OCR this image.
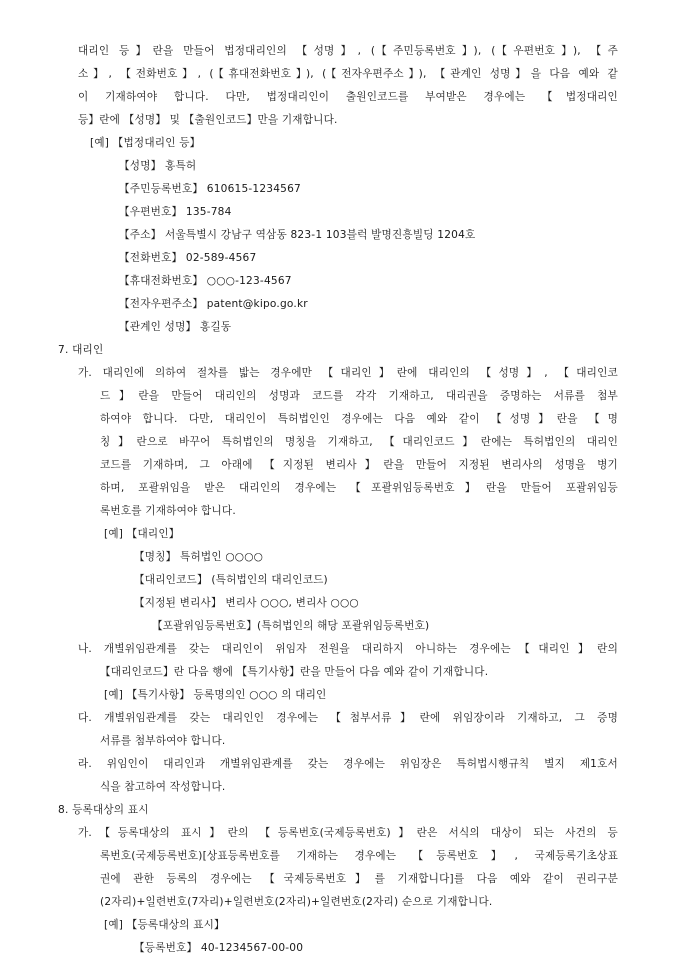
대리인 등】란을 만들어 법정대리인의 【성명】, (【주민등록번호】), (【우편번호】), 【주
소】, 【전화번호】, (【휴대전화번호】), (【전자우편주소】), 【관계인 성명】을 다음 예와 같
이 기재하여야 합니다. 다만, 법정대리인이 출원인코드를 부여받은 경우에는 【법정대리인
등】란에 【성명】 및 【출원인코드】만을 기재합니다.
[예] 【법정대리인 등】
【성명】 홍특허
【주민등록번호】 610615-1234567
【우편번호】 135-784
【주소】 서울특별시 강남구 역삼동 823-1 103블럭 발명진흥빌딩 1204호
【전화번호】 02-589-4567
【휴대전화번호】 ○○○-123-4567
【전자우편주소】 patent@kipo.go.kr
【관계인 성명】 홍길동
7. 대리인
가. 대리인에 의하여 절차를 밟는 경우에만 【대리인】란에 대리인의 【성명】, 【대리인코
드】란을 만들어 대리인의 성명과 코드를 각각 기재하고, 대리권을 증명하는 서류를 첨부
하여야 합니다. 다만, 대리인이 특허법인인 경우에는 다음 예와 같이 【성명】란을 【명
칭】란으로 바꾸어 특허법인의 명칭을 기재하고, 【대리인코드】란에는 특허법인의 대리인
코드를 기재하며, 그 아래에 【지정된 변리사】란을 만들어 지정된 변리사의 성명을 병기
하며, 포괄위임을 받은 대리인의 경우에는 【포괄위임등록번호】란을 만들어 포괄위임등
록번호를 기재하여야 합니다.
[예] 【대리인】
【명칭】 특허법인 ○○○○
【대리인코드】 (특허법인의 대리인코드)
【지정된 변리사】 변리사 ○○○, 변리사 ○○○
【포괄위임등록번호】(특허법인의 해당 포괄위임등록번호)
나. 개별위임관계를 갖는 대리인이 위임자 전원을 대리하지 아니하는 경우에는【대리인】란의
【대리인코드】란 다음 행에 【특기사항】란을 만들어 다음 예와 같이 기재합니다.
[예] 【특기사항】 등록명의인 ○○○ 의 대리인
다. 개별위임관계를 갖는 대리인인 경우에는 【첨부서류】란에 위임장이라 기재하고, 그 증명
서류를 첨부하여야 합니다.
라. 위임인이 대리인과 개별위임관계를 갖는 경우에는 위임장은 특허법시행규칙 별지 제1호서
식을 참고하여 작성합니다.
8. 등록대상의 표시
가.【등록대상의 표시】란의 【등록번호(국제등록번호)】란은 서식의 대상이 되는 사건의 등
록번호(국제등록번호)[상표등록번호를 기재하는 경우에는 【등록번호】, 국제등록기초상표
권에 관한 등록의 경우에는 【국제등록번호】를 기재합니다]를 다음 예와 같이 권리구분
(2자리)+일련번호(7자리)+일련번호(2자리)+일련번호(2자리) 순으로 기재합니다.
[예] 【등록대상의 표시】
【등록번호】 40-1234567-00-00
